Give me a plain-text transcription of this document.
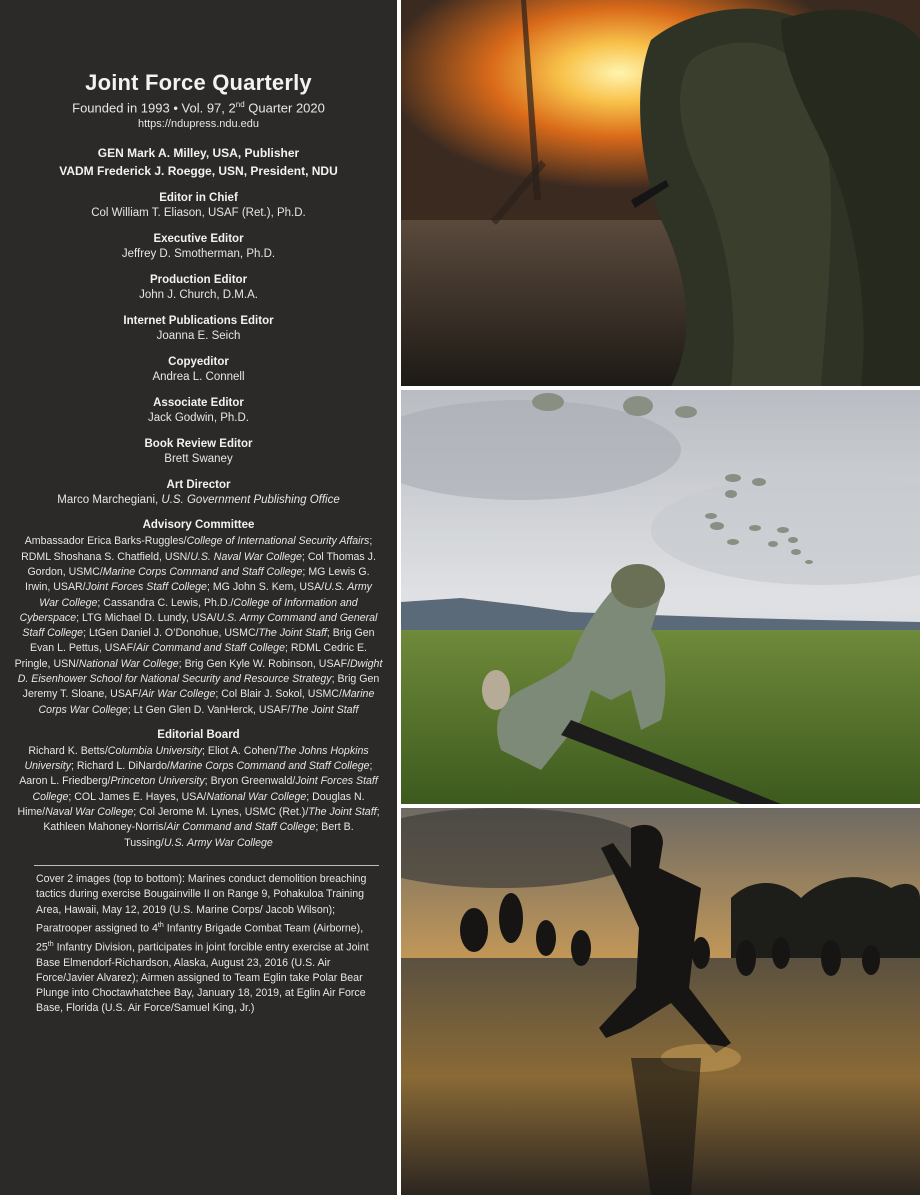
Joint Force Quarterly
Founded in 1993 • Vol. 97, 2nd Quarter 2020
https://ndupress.ndu.edu
GEN Mark A. Milley, USA, Publisher
VADM Frederick J. Roegge, USN, President, NDU
Editor in Chief
Col William T. Eliason, USAF (Ret.), Ph.D.
Executive Editor
Jeffrey D. Smotherman, Ph.D.
Production Editor
John J. Church, D.M.A.
Internet Publications Editor
Joanna E. Seich
Copyeditor
Andrea L. Connell
Associate Editor
Jack Godwin, Ph.D.
Book Review Editor
Brett Swaney
Art Director
Marco Marchegiani, U.S. Government Publishing Office
Advisory Committee
Ambassador Erica Barks-Ruggles/College of International Security Affairs; RDML Shoshana S. Chatfield, USN/U.S. Naval War College; Col Thomas J. Gordon, USMC/Marine Corps Command and Staff College; MG Lewis G. Irwin, USAR/Joint Forces Staff College; MG John S. Kem, USA/U.S. Army War College; Cassandra C. Lewis, Ph.D./College of Information and Cyberspace; LTG Michael D. Lundy, USA/U.S. Army Command and General Staff College; LtGen Daniel J. O’Donohue, USMC/The Joint Staff; Brig Gen Evan L. Pettus, USAF/Air Command and Staff College; RDML Cedric E. Pringle, USN/National War College; Brig Gen Kyle W. Robinson, USAF/Dwight D. Eisenhower School for National Security and Resource Strategy; Brig Gen Jeremy T. Sloane, USAF/Air War College; Col Blair J. Sokol, USMC/Marine Corps War College; Lt Gen Glen D. VanHerck, USAF/The Joint Staff
Editorial Board
Richard K. Betts/Columbia University; Eliot A. Cohen/The Johns Hopkins University; Richard L. DiNardo/Marine Corps Command and Staff College; Aaron L. Friedberg/Princeton University; Bryon Greenwald/Joint Forces Staff College; COL James E. Hayes, USA/National War College; Douglas N. Hime/Naval War College; Col Jerome M. Lynes, USMC (Ret.)/The Joint Staff; Kathleen Mahoney-Norris/Air Command and Staff College; Bert B. Tussing/U.S. Army War College
Cover 2 images (top to bottom): Marines conduct demolition breaching tactics during exercise Bougainville II on Range 9, Pohakuloa Training Area, Hawaii, May 12, 2019 (U.S. Marine Corps/ Jacob Wilson); Paratrooper assigned to 4th Infantry Brigade Combat Team (Airborne), 25th Infantry Division, participates in joint forcible entry exercise at Joint Base Elmendorf-Richardson, Alaska, August 23, 2016 (U.S. Air Force/Javier Alvarez); Airmen assigned to Team Eglin take Polar Bear Plunge into Choctawhatchee Bay, January 18, 2019, at Eglin Air Force Base, Florida (U.S. Air Force/Samuel King, Jr.)
